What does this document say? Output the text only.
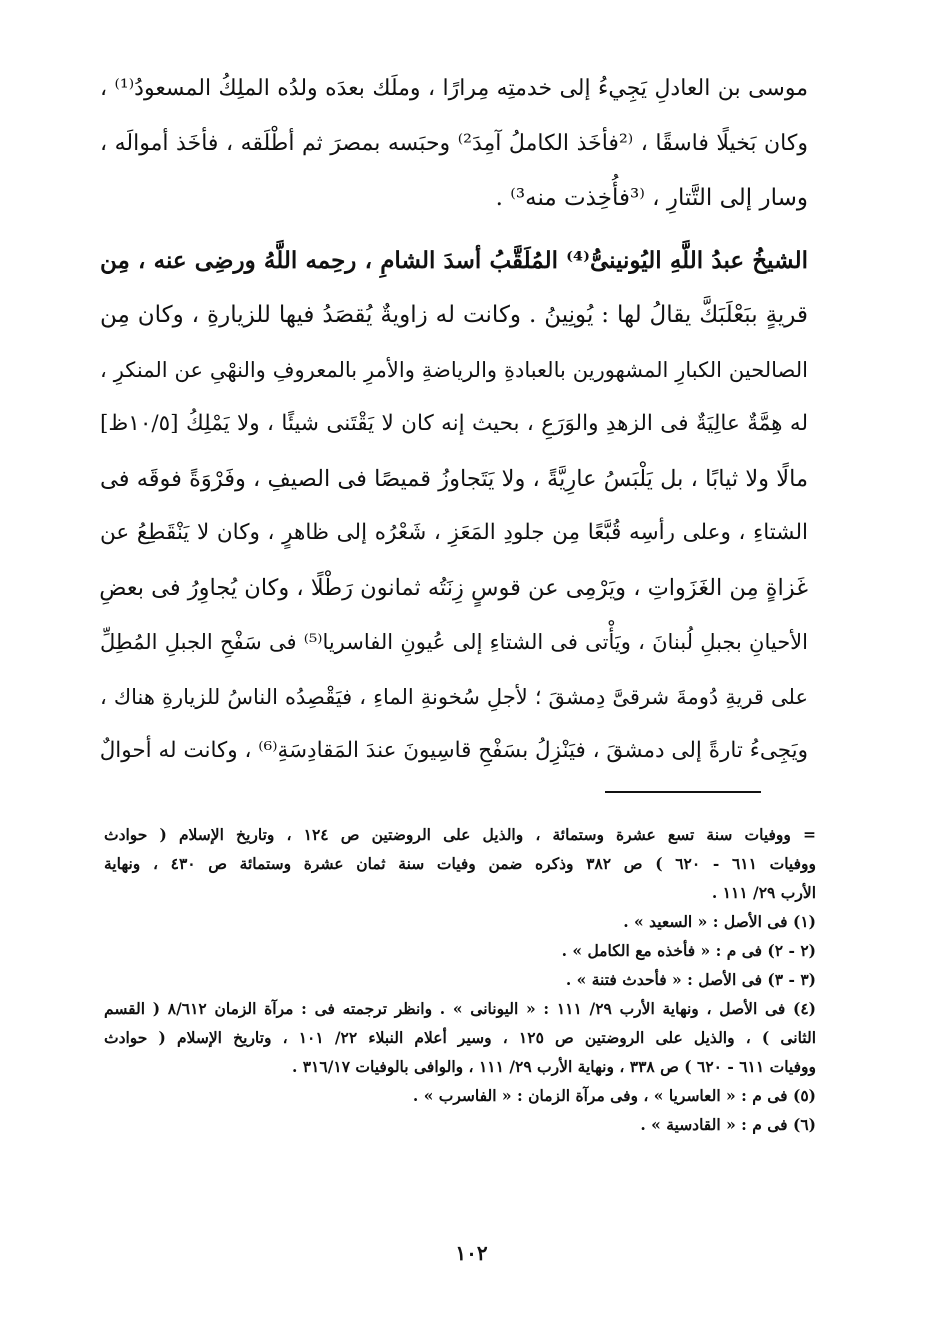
موسى بن العادلِ يَجِيءُ إلى خدمتِه مِرارًا ، وملَك بعدَه ولدُه الملِكُ المسعودُ⁽¹⁾ ،
وكان بَخيلًا فاسقًا ، ⁽²فأخَذ الكاملُ آمِدَ²⁾ وحبَسه بمصرَ ثم أطْلَقه ، فأخَذ أموالَه ،
وسار إلى التَّتارِ ، ⁽³فأُخِذت منه³⁾ .
الشيخُ عبدُ اللَّهِ اليُونينىُّ⁽⁴⁾ المُلَقَّبُ أسدَ الشامِ ، رحِمه اللَّهُ ورضِى عنه ، مِن
قريةٍ ببَعْلَبَكَّ يقالُ لها : يُونِينُ . وكانت له زاويةٌ يُقصَدُ فيها للزيارةِ ، وكان مِن
الصالحين الكبارِ المشهورين بالعبادةِ والرياضةِ والأمرِ بالمعروفِ والنهْىِ عن المنكرِ ،
له هِمَّةٌ عالِيَةٌ فى الزهدِ والوَرَعِ ، بحيث إنه كان لا يَقْتَنى شيئًا ، ولا يَمْلِكُ [١٠/٥ظ]
مالًا ولا ثيابًا ، بل يَلْبَسُ عارِيَّةً ، ولا يَتَجاوزُ قميصًا فى الصيفِ ، وفَرْوَةً فوقَه فى
الشتاءِ ، وعلى رأسِه قُبَّعًا مِن جلودِ المَعَزِ ، شَعْرُه إلى ظاهرٍ ، وكان لا يَنْقَطِعُ عن
غَزاةٍ مِن الغَزَواتِ ، ويَرْمِى عن قوسٍ زِنَتُه ثمانون رَطْلًا ، وكان يُجاوِرُ فى بعضِ
الأحيانِ بجبلِ لُبنانَ ، ويَأْتى فى الشتاءِ إلى عُيونِ الفاسريا⁽⁵⁾ فى سَفْحِ الجبلِ المُطِلِّ
على قريةِ دُومةَ شرقىَّ دِمشقَ ؛ لأجلِ سُخونةِ الماءِ ، فيَقْصِدُه الناسُ للزيارةِ هناك ،
ويَجِىءُ تارةً إلى دمشقَ ، فيَنْزِلُ بسَفْحِ قاسِيونَ عندَ المَقادِسَةِ⁽⁶⁾ ، وكانت له أحوالٌ
= ووفيات سنة تسع عشرة وستمائة ، والذيل على الروضتين ص ١٢٤ ، وتاريخ الإسلام ( حوادث
ووفيات ٦١١ - ٦٢٠ ) ص ٣٨٢ وذكره ضمن وفيات سنة ثمان عشرة وستمائة ص ٤٣٠ ، ونهاية
الأرب ٢٩/ ١١١ .
(١) فى الأصل : « السعيد » .
(٢ - ٢) فى م : « فأخذه مع الكامل » .
(٣ - ٣) فى الأصل : « فأحدث فتنة » .
(٤) فى الأصل ، ونهاية الأرب ٢٩/ ١١١ : « اليونانى » . وانظر ترجمته فى : مرآة الزمان ٨/٦١٢ ( القسم
الثانى ) ، والذيل على الروضتين ص ١٢٥ ، وسير أعلام النبلاء ٢٢/ ١٠١ ، وتاريخ الإسلام ( حوادث
ووفيات ٦١١ - ٦٢٠ ) ص ٣٣٨ ، ونهاية الأرب ٢٩/ ١١١ ، والوافى بالوفيات ٣١٦/١٧ .
(٥) فى م : « العاسريا » ، وفى مرآة الزمان : « الفاسرب » .
(٦) فى م : « القادسية » .
١٠٢
